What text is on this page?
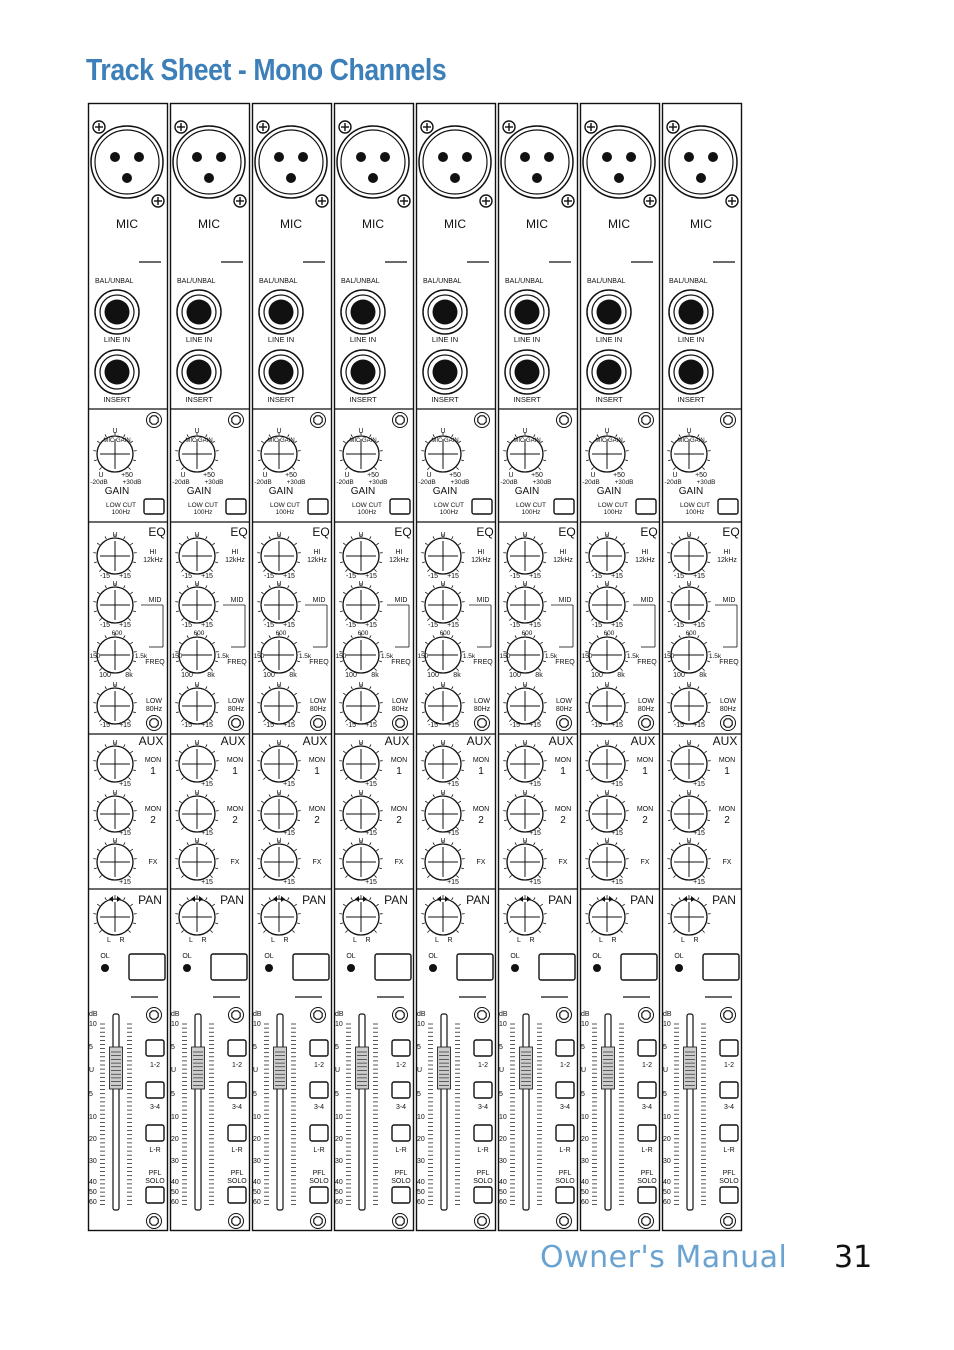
Track Sheet - Mono Channels
MIC
BAL/UNBAL
LINE IN
INSERT
U
MIC GAIN
U	+50
-20dB +30dB
GAIN
LOW CUT
100Hz
EQ
U
HI
12kHz
-15 +15
U
MID
-15 +15
600
150	1.5k
FREQ
100 8k
U
LOW
80Hz
-15 +15
AUX
U
MON
1
+15
U
MON
2
+15
U
FX
+15
PAN
L R
OL
dB
10
5
U
5
10
20
30
40
50
60
1-2
3-4
L-R
PFL
SOLO
MIC
BAL/UNBAL
LINE IN
INSERT
U
MIC GAIN
U	+50
-20dB +30dB
GAIN
LOW CUT
100Hz
EQ
U
HI
12kHz
-15 +15
U
MID
-15 +15
600
150	1.5k
FREQ
100 8k
U
LOW
80Hz
-15 +15
AUX
U
MON
1
+15
U
MON
2
+15
U
FX
+15
PAN
L R
OL
dB
10
5
U
5
10
20
30
40
50
60
1-2
3-4
L-R
PFL
SOLO
MIC
BAL/UNBAL
LINE IN
INSERT
U
MIC GAIN
U	+50
-20dB +30dB
GAIN
LOW CUT
100Hz
EQ
U
HI
12kHz
-15 +15
U
MID
-15 +15
600
150	1.5k
FREQ
100 8k
U
LOW
80Hz
-15 +15
AUX
U
MON
1
+15
U
MON
2
+15
U
FX
+15
PAN
L R
OL
dB
10
5
U
5
10
20
30
40
50
60
1-2
3-4
L-R
PFL
SOLO
MIC
BAL/UNBAL
LINE IN
INSERT
U
MIC GAIN
U	+50
-20dB +30dB
GAIN
LOW CUT
100Hz
EQ
U
HI
12kHz
-15 +15
U
MID
-15 +15
600
150	1.5k
FREQ
100 8k
U
LOW
80Hz
-15 +15
AUX
U
MON
1
+15
U
MON
2
+15
U
FX
+15
PAN
L R
OL
dB
10
5
U
5
10
20
30
40
50
60
1-2
3-4
L-R
PFL
SOLO
MIC
BAL/UNBAL
LINE IN
INSERT
U
MIC GAIN
U	+50
-20dB +30dB
GAIN
LOW CUT
100Hz
EQ
U
HI
12kHz
-15 +15
U
MID
-15 +15
600
150	1.5k
FREQ
100 8k
U
LOW
80Hz
-15 +15
AUX
U
MON
1
+15
U
MON
2
+15
U
FX
+15
PAN
L R
OL
dB
10
5
U
5
10
20
30
40
50
60
1-2
3-4
L-R
PFL
SOLO
MIC
BAL/UNBAL
LINE IN
INSERT
U
MIC GAIN
U	+50
-20dB +30dB
GAIN
LOW CUT
100Hz
EQ
U
HI
12kHz
-15 +15
U
MID
-15 +15
600
150	1.5k
FREQ
100 8k
U
LOW
80Hz
-15 +15
AUX
U
MON
1
+15
U
MON
2
+15
U
FX
+15
PAN
L R
OL
dB
10
5
U
5
10
20
30
40
50
60
1-2
3-4
L-R
PFL
SOLO
MIC
BAL/UNBAL
LINE IN
INSERT
U
MIC GAIN
U	+50
-20dB +30dB
GAIN
LOW CUT
100Hz
EQ
U
HI
12kHz
-15 +15
U
MID
-15 +15
600
150	1.5k
FREQ
100 8k
U
LOW
80Hz
-15 +15
AUX
U
MON
1
+15
U
MON
2
+15
U
FX
+15
PAN
L R
OL
dB
10
5
U
5
10
20
30
40
50
60
1-2
3-4
L-R
PFL
SOLO
MIC
BAL/UNBAL
LINE IN
INSERT
U
MIC GAIN
U	+50
-20dB +30dB
GAIN
LOW CUT
100Hz
EQ
U
HI
12kHz
-15 +15
U
MID
-15 +15
600
150	1.5k
FREQ
100 8k
U
LOW
80Hz
-15 +15
AUX
U
MON
1
+15
U
MON
2
+15
U
FX
+15
PAN
L R
OL
dB
10
5
U
5
10
20
30
40
50
60
1-2
3-4
L-R
PFL
SOLO
Owner's Manual 31
